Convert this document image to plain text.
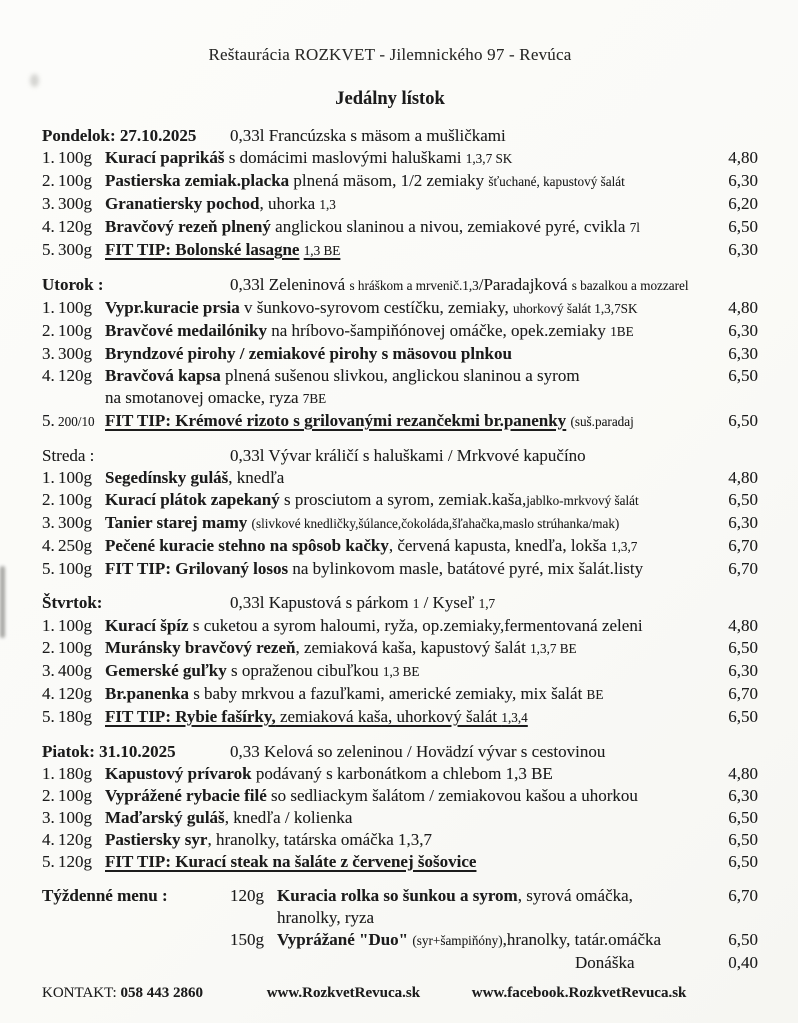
Reštaurácia ROZKVET - Jilemnického 97 - Revúca
Jedálny lístok
Pondelok: 27.10.2025 0,33l Francúzska s mäsom a mušličkami
1. 100g Kurací paprikáš s domácimi maslovými haluškami 1,3,7 SK	4,80
2. 100g Pastierska zemiak.placka plnená mäsom, 1/2 zemiaky šťuchané, kapustový šalát	6,30
3. 300g Granatiersky pochod, uhorka 1,3	6,20
4. 120g Bravčový rezeň plnený anglickou slaninou a nivou, zemiakové pyré, cvikla 7l	6,50
5. 300g FIT TIP: Bolonské lasagne 1,3 BE	6,30
Utorok :	0,33l Zeleninová s hráškom a mrvenič.1,3/Paradajková s bazalkou a mozzarel
1. 100g Vypr.kuracie prsia v šunkovo-syrovom cestíčku, zemiaky, uhorkový šalát 1,3,7SK	4,80
2. 100g Bravčové medailóniky na hríbovo-šampiňónovej omáčke, opek.zemiaky 1BE	6,30
3. 300g Bryndzové pirohy / zemiakové pirohy s mäsovou plnkou	6,30
4. 120g Bravčová kapsa plnená sušenou slivkou, anglickou slaninou a syrom
na smotanovej omacke, ryza 7BE
6,50
5. 200/10 FIT TIP: Krémové rizoto s grilovanými rezančekmi br.panenky (suš.paradaj	6,50
Streda :	0,33l Vývar králičí s haluškami / Mrkvové kapučíno
1. 100g Segedínsky guláš, knedľa	4,80
2. 100g Kurací plátok zapekaný s prosciutom a syrom, zemiak.kaša,jablko-mrkvový šalát	6,50
3. 300g Tanier starej mamy (slivkové knedličky,šúlance,čokoláda,šľahačka,maslo strúhanka/mak)	6,30
4. 250g Pečené kuracie stehno na spôsob kačky, červená kapusta, knedľa, lokša 1,3,7	6,70
5. 100g FIT TIP: Grilovaný losos na bylinkovom masle, batátové pyré, mix šalát.listy	6,70
Štvrtok:	0,33l Kapustová s párkom 1 / Kyseľ 1,7
1. 100g Kurací špíz s cuketou a syrom haloumi, ryža, op.zemiaky,fermentovaná zeleni	4,80
2. 100g Muránsky bravčový rezeň, zemiaková kaša, kapustový šalát 1,3,7 BE	6,50
3. 400g Gemerské guľky s opraženou cibuľkou 1,3 BE	6,30
4. 120g Br.panenka s baby mrkvou a fazuľkami, americké zemiaky, mix šalát BE	6,70
5. 180g FIT TIP: Rybie fašírky, zemiaková kaša, uhorkový šalát 1,3,4	6,50
Piatok: 31.10.2025	0,33 Kelová so zeleninou / Hovädzí vývar s cestovinou
1. 180g Kapustový prívarok podávaný s karbonátkom a chlebom 1,3 BE	4,80
2. 100g Vyprážené rybacie filé so sedliackym šalátom / zemiakovou kašou a uhorkou	6,30
3. 100g Maďarský guláš, knedľa / kolienka	6,50
4. 120g Pastiersky syr, hranolky, tatárska omáčka 1,3,7	6,50
5. 120g FIT TIP: Kurací steak na šaláte z červenej šošovice	6,50
Týždenné menu :	120g Kuracia rolka so šunkou a syrom, syrová omáčka,
hranolky, ryza
6,70
150g Vyprážané "Duo" (syr+šampiňóny),hranolky, tatár.omáčka	6,50
Donáška	0,40
KONTAKT: 058 443 2860	www.RozkvetRevuca.sk	www.facebook.RozkvetRevuca.sk
